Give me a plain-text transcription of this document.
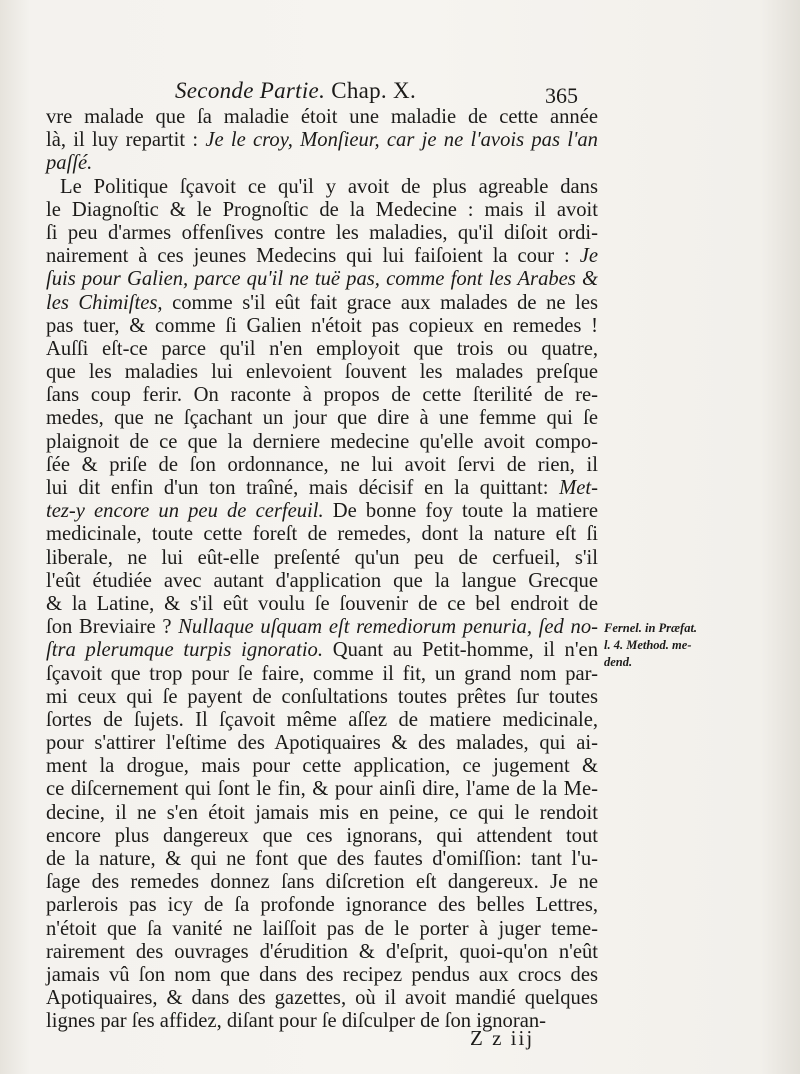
Seconde Partie. Chap. X.	365
vre malade que ſa maladie étoit une maladie de cette année
là, il luy repartit : Je le croy, Monſieur, car je ne l'avois pas l'an
paſſé.
Le Politique ſçavoit ce qu'il y avoit de plus agreable dans
le Diagnoſtic & le Prognoſtic de la Medecine : mais il avoit
ſi peu d'armes offenſives contre les maladies, qu'il diſoit ordi-
nairement à ces jeunes Medecins qui lui faiſoient la cour : Je
ſuis pour Galien, parce qu'il ne tuë pas, comme font les Arabes &
les Chimiſtes, comme s'il eût fait grace aux malades de ne les
pas tuer, & comme ſi Galien n'étoit pas copieux en remedes !
Auſſi eſt-ce parce qu'il n'en employoit que trois ou quatre,
que les maladies lui enlevoient ſouvent les malades preſque
ſans coup ferir. On raconte à propos de cette ſterilité de re-
medes, que ne ſçachant un jour que dire à une femme qui ſe
plaignoit de ce que la derniere medecine qu'elle avoit compo-
ſée & priſe de ſon ordonnance, ne lui avoit ſervi de rien, il
lui dit enfin d'un ton traîné, mais décisif en la quittant: Met-
tez-y encore un peu de cerfeuil. De bonne foy toute la matiere
medicinale, toute cette foreſt de remedes, dont la nature eſt ſi
liberale, ne lui eût-elle preſenté qu'un peu de cerfueil, s'il
l'eût étudiée avec autant d'application que la langue Grecque
& la Latine, & s'il eût voulu ſe ſouvenir de ce bel endroit de
ſon Breviaire ? Nullaque uſquam eſt remediorum penuria, ſed no-
ſtra plerumque turpis ignoratio. Quant au Petit-homme, il n'en
ſçavoit que trop pour ſe faire, comme il fit, un grand nom par-
mi ceux qui ſe payent de conſultations toutes prêtes ſur toutes
ſortes de ſujets. Il ſçavoit même aſſez de matiere medicinale,
pour s'attirer l'eſtime des Apotiquaires & des malades, qui ai-
ment la drogue, mais pour cette application, ce jugement &
ce diſcernement qui ſont le fin, & pour ainſi dire, l'ame de la Me-
decine, il ne s'en étoit jamais mis en peine, ce qui le rendoit
encore plus dangereux que ces ignorans, qui attendent tout
de la nature, & qui ne font que des fautes d'omiſſion: tant l'u-
ſage des remedes donnez ſans diſcretion eſt dangereux. Je ne
parlerois pas icy de ſa profonde ignorance des belles Lettres,
n'étoit que ſa vanité ne laiſſoit pas de le porter à juger teme-
rairement des ouvrages d'érudition & d'eſprit, quoi-qu'on n'eût
jamais vû ſon nom que dans des recipez pendus aux crocs des
Apotiquaires, & dans des gazettes, où il avoit mandié quelques
lignes par ſes affidez, diſant pour ſe diſculper de ſon ignoran-
Fernel. in Præfat.
l. 4. Method. me-
dend.
Z z iij
